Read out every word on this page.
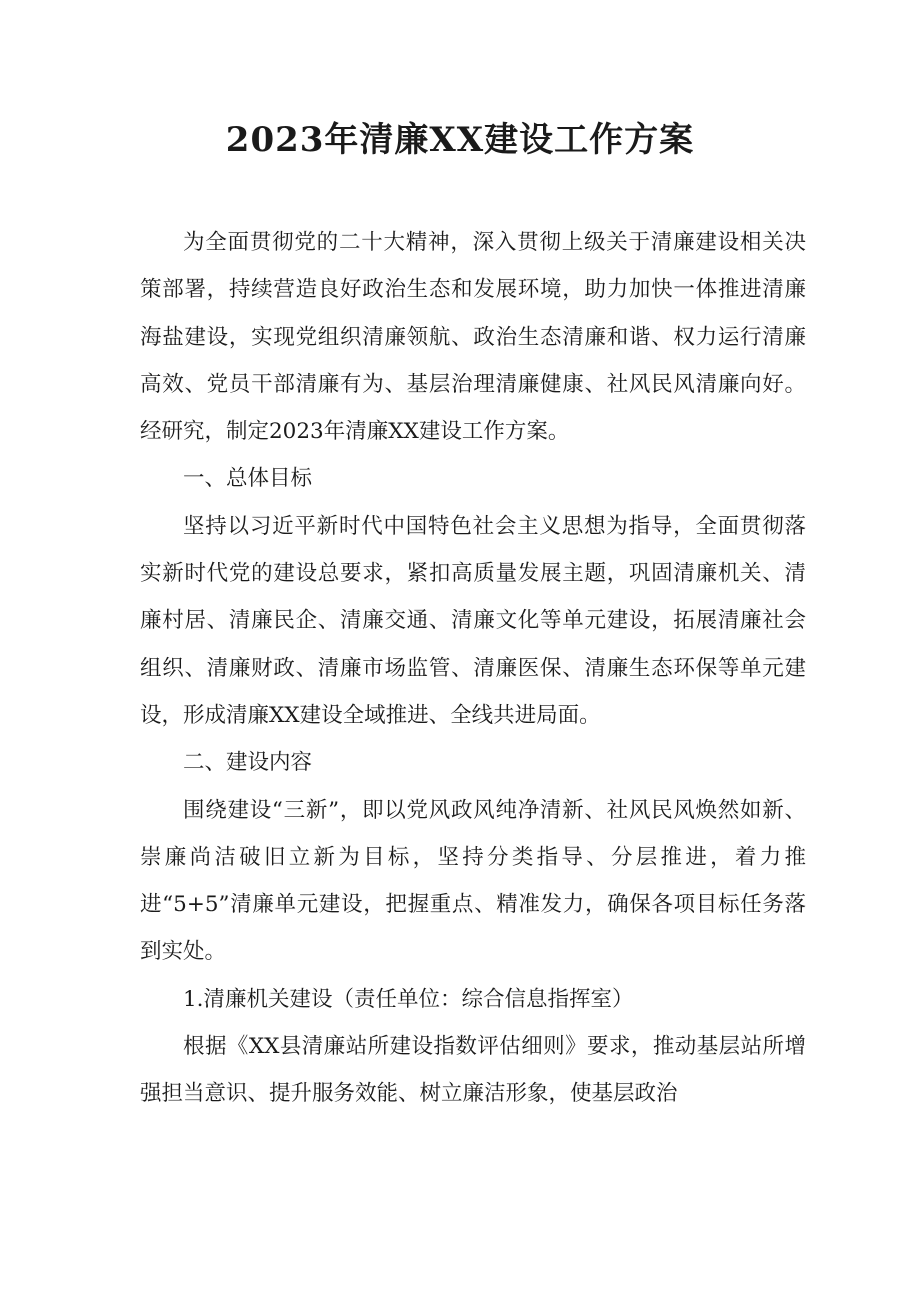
2023年清廉XX建设工作方案

为全面贯彻党的二十大精神，深入贯彻上级关于清廉建设相关决策部署，持续营造良好政治生态和发展环境，助力加快一体推进清廉海盐建设，实现党组织清廉领航、政治生态清廉和谐、权力运行清廉高效、党员干部清廉有为、基层治理清廉健康、社风民风清廉向好。经研究，制定2023年清廉XX建设工作方案。

一、总体目标

坚持以习近平新时代中国特色社会主义思想为指导，全面贯彻落实新时代党的建设总要求，紧扣高质量发展主题，巩固清廉机关、清廉村居、清廉民企、清廉交通、清廉文化等单元建设，拓展清廉社会组织、清廉财政、清廉市场监管、清廉医保、清廉生态环保等单元建设，形成清廉XX建设全域推进、全线共进局面。

二、建设内容

围绕建设“三新”，即以党风政风纯净清新、社风民风焕然如新、崇廉尚洁破旧立新为目标，坚持分类指导、分层推进，着力推进“5+5”清廉单元建设，把握重点、精准发力，确保各项目标任务落到实处。

1.清廉机关建设（责任单位：综合信息指挥室）

根据《XX县清廉站所建设指数评估细则》要求，推动基层站所增强担当意识、提升服务效能、树立廉洁形象，使基层政治
